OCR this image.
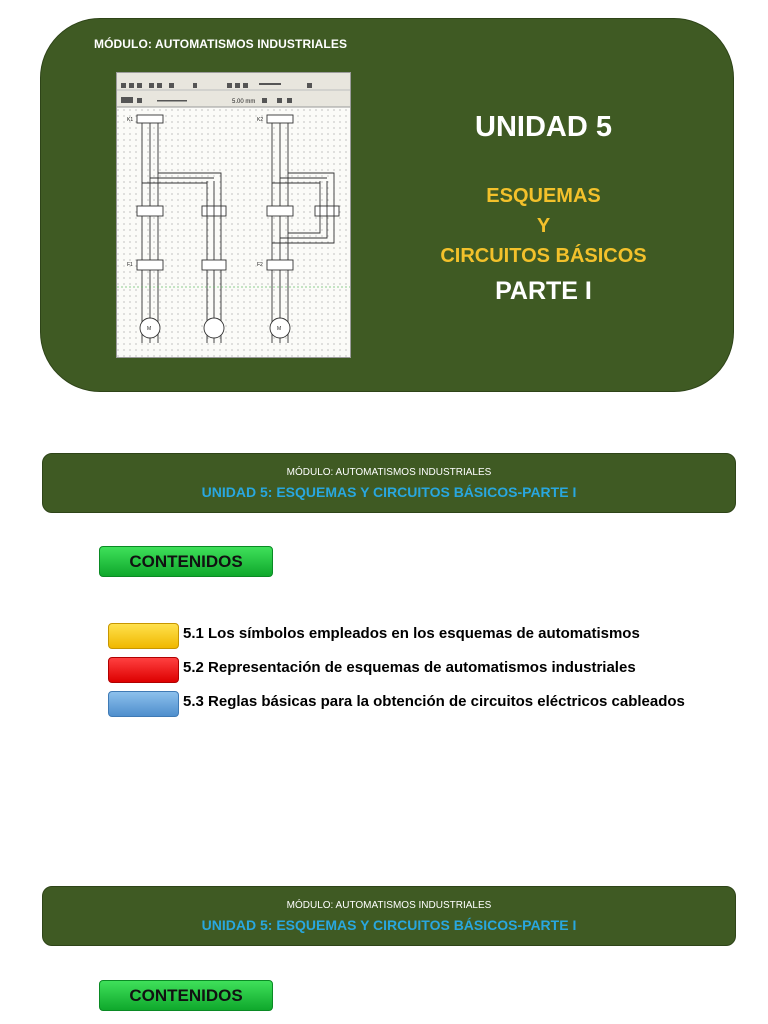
MÓDULO: AUTOMATISMOS INDUSTRIALES
5.00 mm
K1	K2
F1	F2
M	M
UNIDAD 5
ESQUEMAS
Y
CIRCUITOS BÁSICOS
PARTE I
MÓDULO: AUTOMATISMOS INDUSTRIALES
UNIDAD 5: ESQUEMAS Y CIRCUITOS BÁSICOS-PARTE I
CONTENIDOS
5.1 Los símbolos empleados en los esquemas de automatismos
5.2 Representación de esquemas de automatismos industriales
5.3 Reglas básicas para la obtención de circuitos eléctricos cableados
MÓDULO: AUTOMATISMOS INDUSTRIALES
UNIDAD 5: ESQUEMAS Y CIRCUITOS BÁSICOS-PARTE I
CONTENIDOS
